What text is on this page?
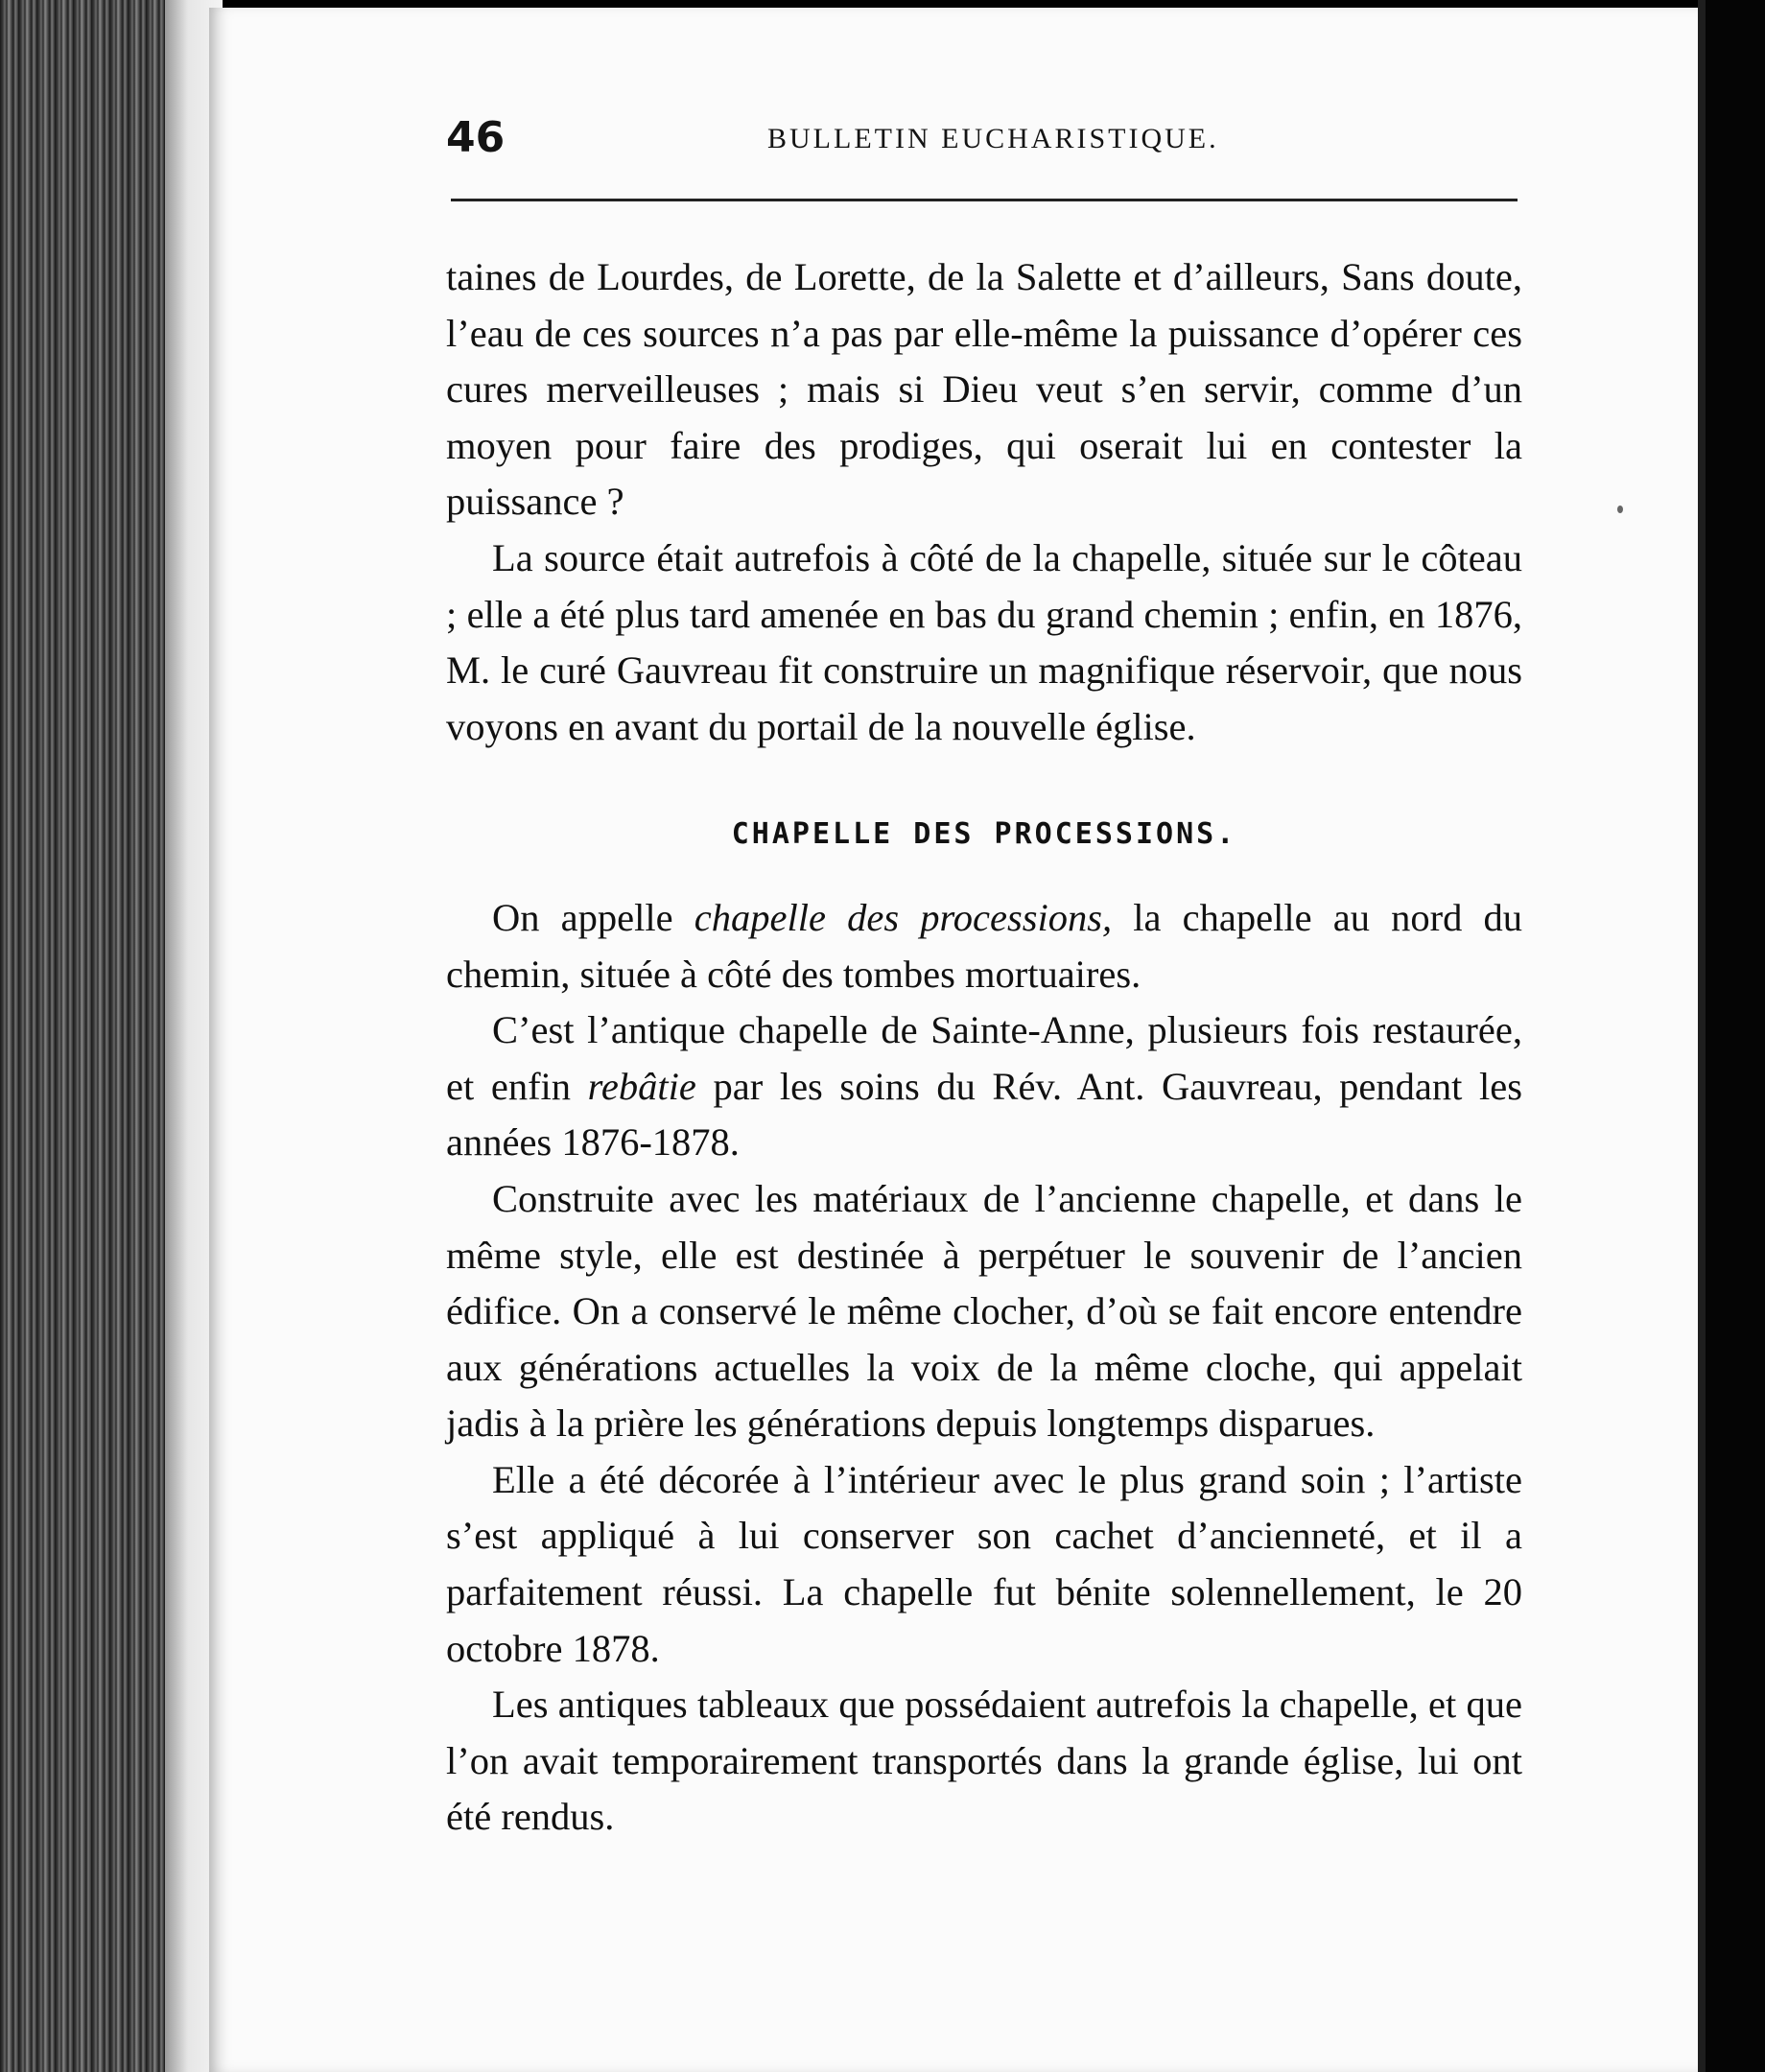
46	BULLETIN EUCHARISTIQUE.

taines de Lourdes, de Lorette, de la Salette et d’ailleurs, Sans doute, l’eau de ces sources n’a pas par elle-même la puissance d’opérer ces cures merveilleuses ; mais si Dieu veut s’en servir, comme d’un moyen pour faire des prodiges, qui oserait lui en contester la puissance ?

La source était autrefois à côté de la chapelle, située sur le côteau ; elle a été plus tard amenée en bas du grand chemin ; enfin, en 1876, M. le curé Gauvreau fit construire un magnifique réservoir, que nous voyons en avant du portail de la nouvelle église.

CHAPELLE DES PROCESSIONS.

On appelle chapelle des processions, la chapelle au nord du chemin, située à côté des tombes mortuaires.

C’est l’antique chapelle de Sainte-Anne, plusieurs fois restaurée, et enfin rebâtie par les soins du Rév. Ant. Gauvreau, pendant les années 1876-1878.

Construite avec les matériaux de l’ancienne chapelle, et dans le même style, elle est destinée à perpétuer le souvenir de l’ancien édifice. On a conservé le même clocher, d’où se fait encore entendre aux générations actuelles la voix de la même cloche, qui appelait jadis à la prière les générations depuis longtemps disparues.

Elle a été décorée à l’intérieur avec le plus grand soin ; l’artiste s’est appliqué à lui conserver son cachet d’ancienneté, et il a parfaitement réussi. La chapelle fut bénite solennellement, le 20 octobre 1878.

Les antiques tableaux que possédaient autrefois la chapelle, et que l’on avait temporairement transportés dans la grande église, lui ont été rendus.
